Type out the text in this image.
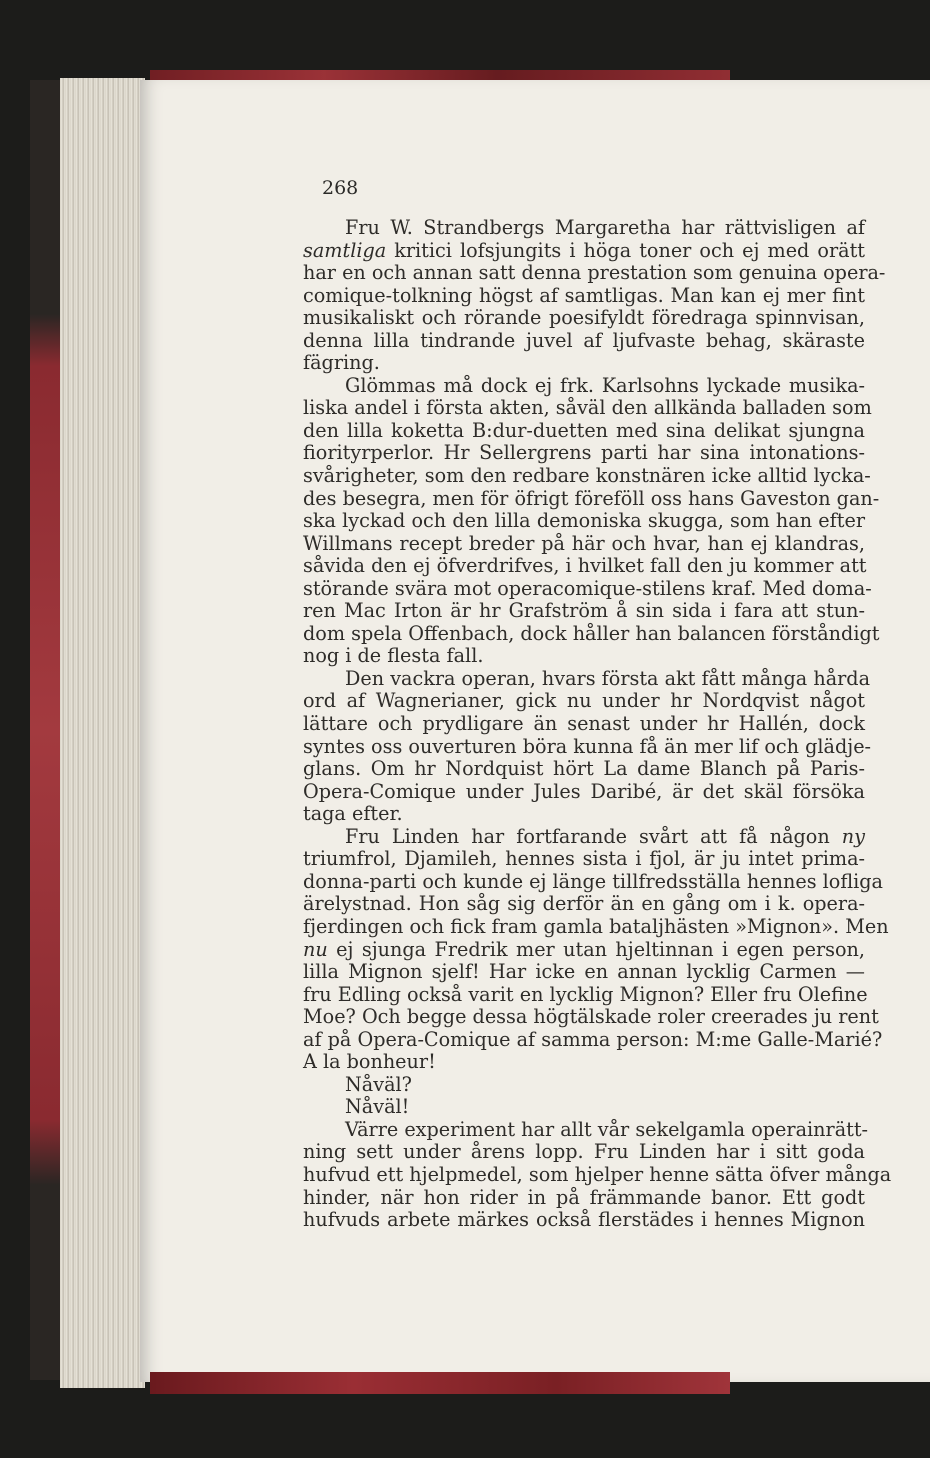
268
Fru W. Strandbergs Margaretha har rättvisligen af
samtliga kritici lofsjungits i höga toner och ej med orätt
har en och annan satt denna prestation som genuina opera-
comique-tolkning högst af samtligas. Man kan ej mer fint
musikaliskt och rörande poesifyldt föredraga spinnvisan,
denna lilla tindrande juvel af ljufvaste behag, skäraste
fägring.
Glömmas må dock ej frk. Karlsohns lyckade musika-
liska andel i första akten, såväl den allkända balladen som
den lilla koketta B:dur-duetten med sina delikat sjungna
fiorityrperlor. Hr Sellergrens parti har sina intonations-
svårigheter, som den redbare konstnären icke alltid lycka-
des besegra, men för öfrigt föreföll oss hans Gaveston gan-
ska lyckad och den lilla demoniska skugga, som han efter
Willmans recept breder på här och hvar, han ej klandras,
såvida den ej öfverdrifves, i hvilket fall den ju kommer att
störande svära mot operacomique-stilens kraf. Med doma-
ren Mac Irton är hr Grafström å sin sida i fara att stun-
dom spela Offenbach, dock håller han balancen förståndigt
nog i de flesta fall.
Den vackra operan, hvars första akt fått många hårda
ord af Wagnerianer, gick nu under hr Nordqvist något
lättare och prydligare än senast under hr Hallén, dock
syntes oss ouverturen böra kunna få än mer lif och glädje-
glans. Om hr Nordquist hört La dame Blanch på Paris-
Opera-Comique under Jules Daribé, är det skäl försöka
taga efter.
Fru Linden har fortfarande svårt att få någon ny
triumfrol, Djamileh, hennes sista i fjol, är ju intet prima-
donna-parti och kunde ej länge tillfredsställa hennes lofliga
ärelystnad. Hon såg sig derför än en gång om i k. opera-
fjerdingen och fick fram gamla bataljhästen »Mignon». Men
nu ej sjunga Fredrik mer utan hjeltinnan i egen person,
lilla Mignon sjelf! Har icke en annan lycklig Carmen —
fru Edling också varit en lycklig Mignon? Eller fru Olefine
Moe? Och begge dessa högtälskade roler creerades ju rent
af på Opera-Comique af samma person: M:me Galle-Marié?
A la bonheur!
Nåväl?
Nåväl!
Värre experiment har allt vår sekelgamla operainrätt-
ning sett under årens lopp. Fru Linden har i sitt goda
hufvud ett hjelpmedel, som hjelper henne sätta öfver många
hinder, när hon rider in på främmande banor. Ett godt
hufvuds arbete märkes också flerstädes i hennes Mignon
